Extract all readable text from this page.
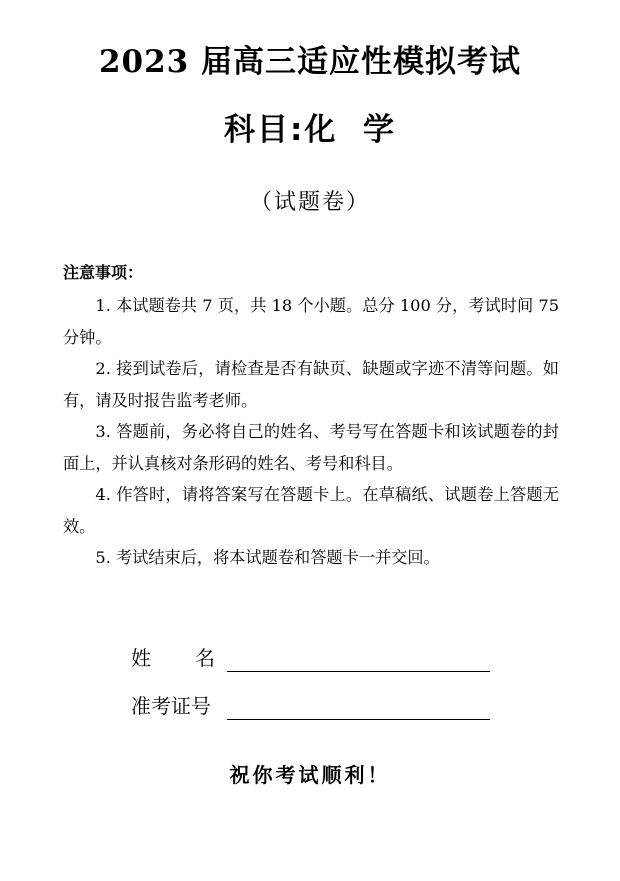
2023 届高三适应性模拟考试
科目:化  学
（试题卷）
注意事项：
1. 本试题卷共 7 页，共 18 个小题。总分 100 分，考试时间 75 分钟。
2. 接到试卷后，请检查是否有缺页、缺题或字迹不清等问题。如有，请及时报告监考老师。
3. 答题前，务必将自己的姓名、考号写在答题卡和该试题卷的封面上，并认真核对条形码的姓名、考号和科目。
4. 作答时，请将答案写在答题卡上。在草稿纸、试题卷上答题无效。
5. 考试结束后，将本试题卷和答题卡一并交回。
姓名
准考证号
祝你考试顺利！
